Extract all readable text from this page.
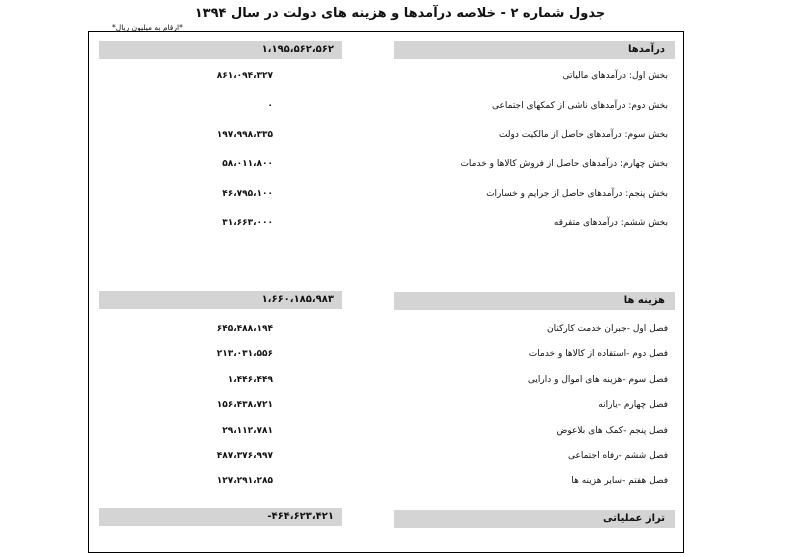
جدول شماره ۲ - خلاصه درآمدها و هزینه های دولت در سال ۱۳۹۴
*ارقام به میلیون ریال*
درآمدها
۱،۱۹۵،۵۶۲،۵۶۲
بخش اول: درآمدهای مالیاتی
۸۶۱،۰۹۴،۳۲۷
بخش دوم: درآمدهای ناشی از کمکهای اجتماعی
۰
بخش سوم: درآمدهای حاصل از مالکیت دولت
۱۹۷،۹۹۸،۳۳۵
بخش چهارم: درآمدهای حاصل از فروش کالاها و خدمات
۵۸،۰۱۱،۸۰۰
بخش پنجم: درآمدهای حاصل از جرایم و خسارات
۴۶،۷۹۵،۱۰۰
بخش ششم: درآمدهای متفرقه
۳۱،۶۶۳،۰۰۰
هزینه ها
۱،۶۶۰،۱۸۵،۹۸۳
فصل اول -جبران خدمت کارکنان
۶۴۵،۴۸۸،۱۹۴
فصل دوم -استفاده از کالاها و خدمات
۲۱۳،۰۳۱،۵۵۶
فصل سوم -هزینه های اموال و دارایی
۱،۴۴۶،۴۴۹
فصل چهارم -یارانه
۱۵۶،۴۳۸،۷۲۱
فصل پنجم -کمک های بلاعوض
۲۹،۱۱۲،۷۸۱
فصل ششم -رفاه اجتماعی
۴۸۷،۳۷۶،۹۹۷
فصل هفتم -سایر هزینه ها
۱۲۷،۲۹۱،۲۸۵
تراز عملیاتی
-۴۶۴،۶۲۳،۴۲۱
